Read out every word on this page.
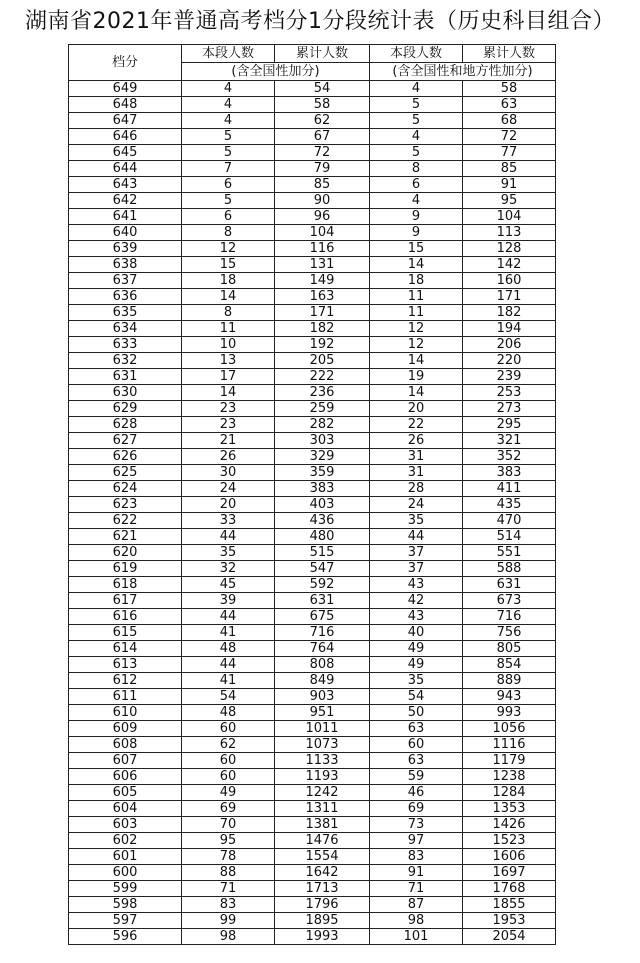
湖南省2021年普通高考档分1分段统计表（历史科目组合）
档分	本段人数	累计人数	本段人数	累计人数
	(含全国性加分)		(含全国性和地方性加分)	
649	4	54	4	58
648	4	58	5	63
647	4	62	5	68
646	5	67	4	72
645	5	72	5	77
644	7	79	8	85
643	6	85	6	91
642	5	90	4	95
641	6	96	9	104
640	8	104	9	113
639	12	116	15	128
638	15	131	14	142
637	18	149	18	160
636	14	163	11	171
635	8	171	11	182
634	11	182	12	194
633	10	192	12	206
632	13	205	14	220
631	17	222	19	239
630	14	236	14	253
629	23	259	20	273
628	23	282	22	295
627	21	303	26	321
626	26	329	31	352
625	30	359	31	383
624	24	383	28	411
623	20	403	24	435
622	33	436	35	470
621	44	480	44	514
620	35	515	37	551
619	32	547	37	588
618	45	592	43	631
617	39	631	42	673
616	44	675	43	716
615	41	716	40	756
614	48	764	49	805
613	44	808	49	854
612	41	849	35	889
611	54	903	54	943
610	48	951	50	993
609	60	1011	63	1056
608	62	1073	60	1116
607	60	1133	63	1179
606	60	1193	59	1238
605	49	1242	46	1284
604	69	1311	69	1353
603	70	1381	73	1426
602	95	1476	97	1523
601	78	1554	83	1606
600	88	1642	91	1697
599	71	1713	71	1768
598	83	1796	87	1855
597	99	1895	98	1953
596	98	1993	101	2054
